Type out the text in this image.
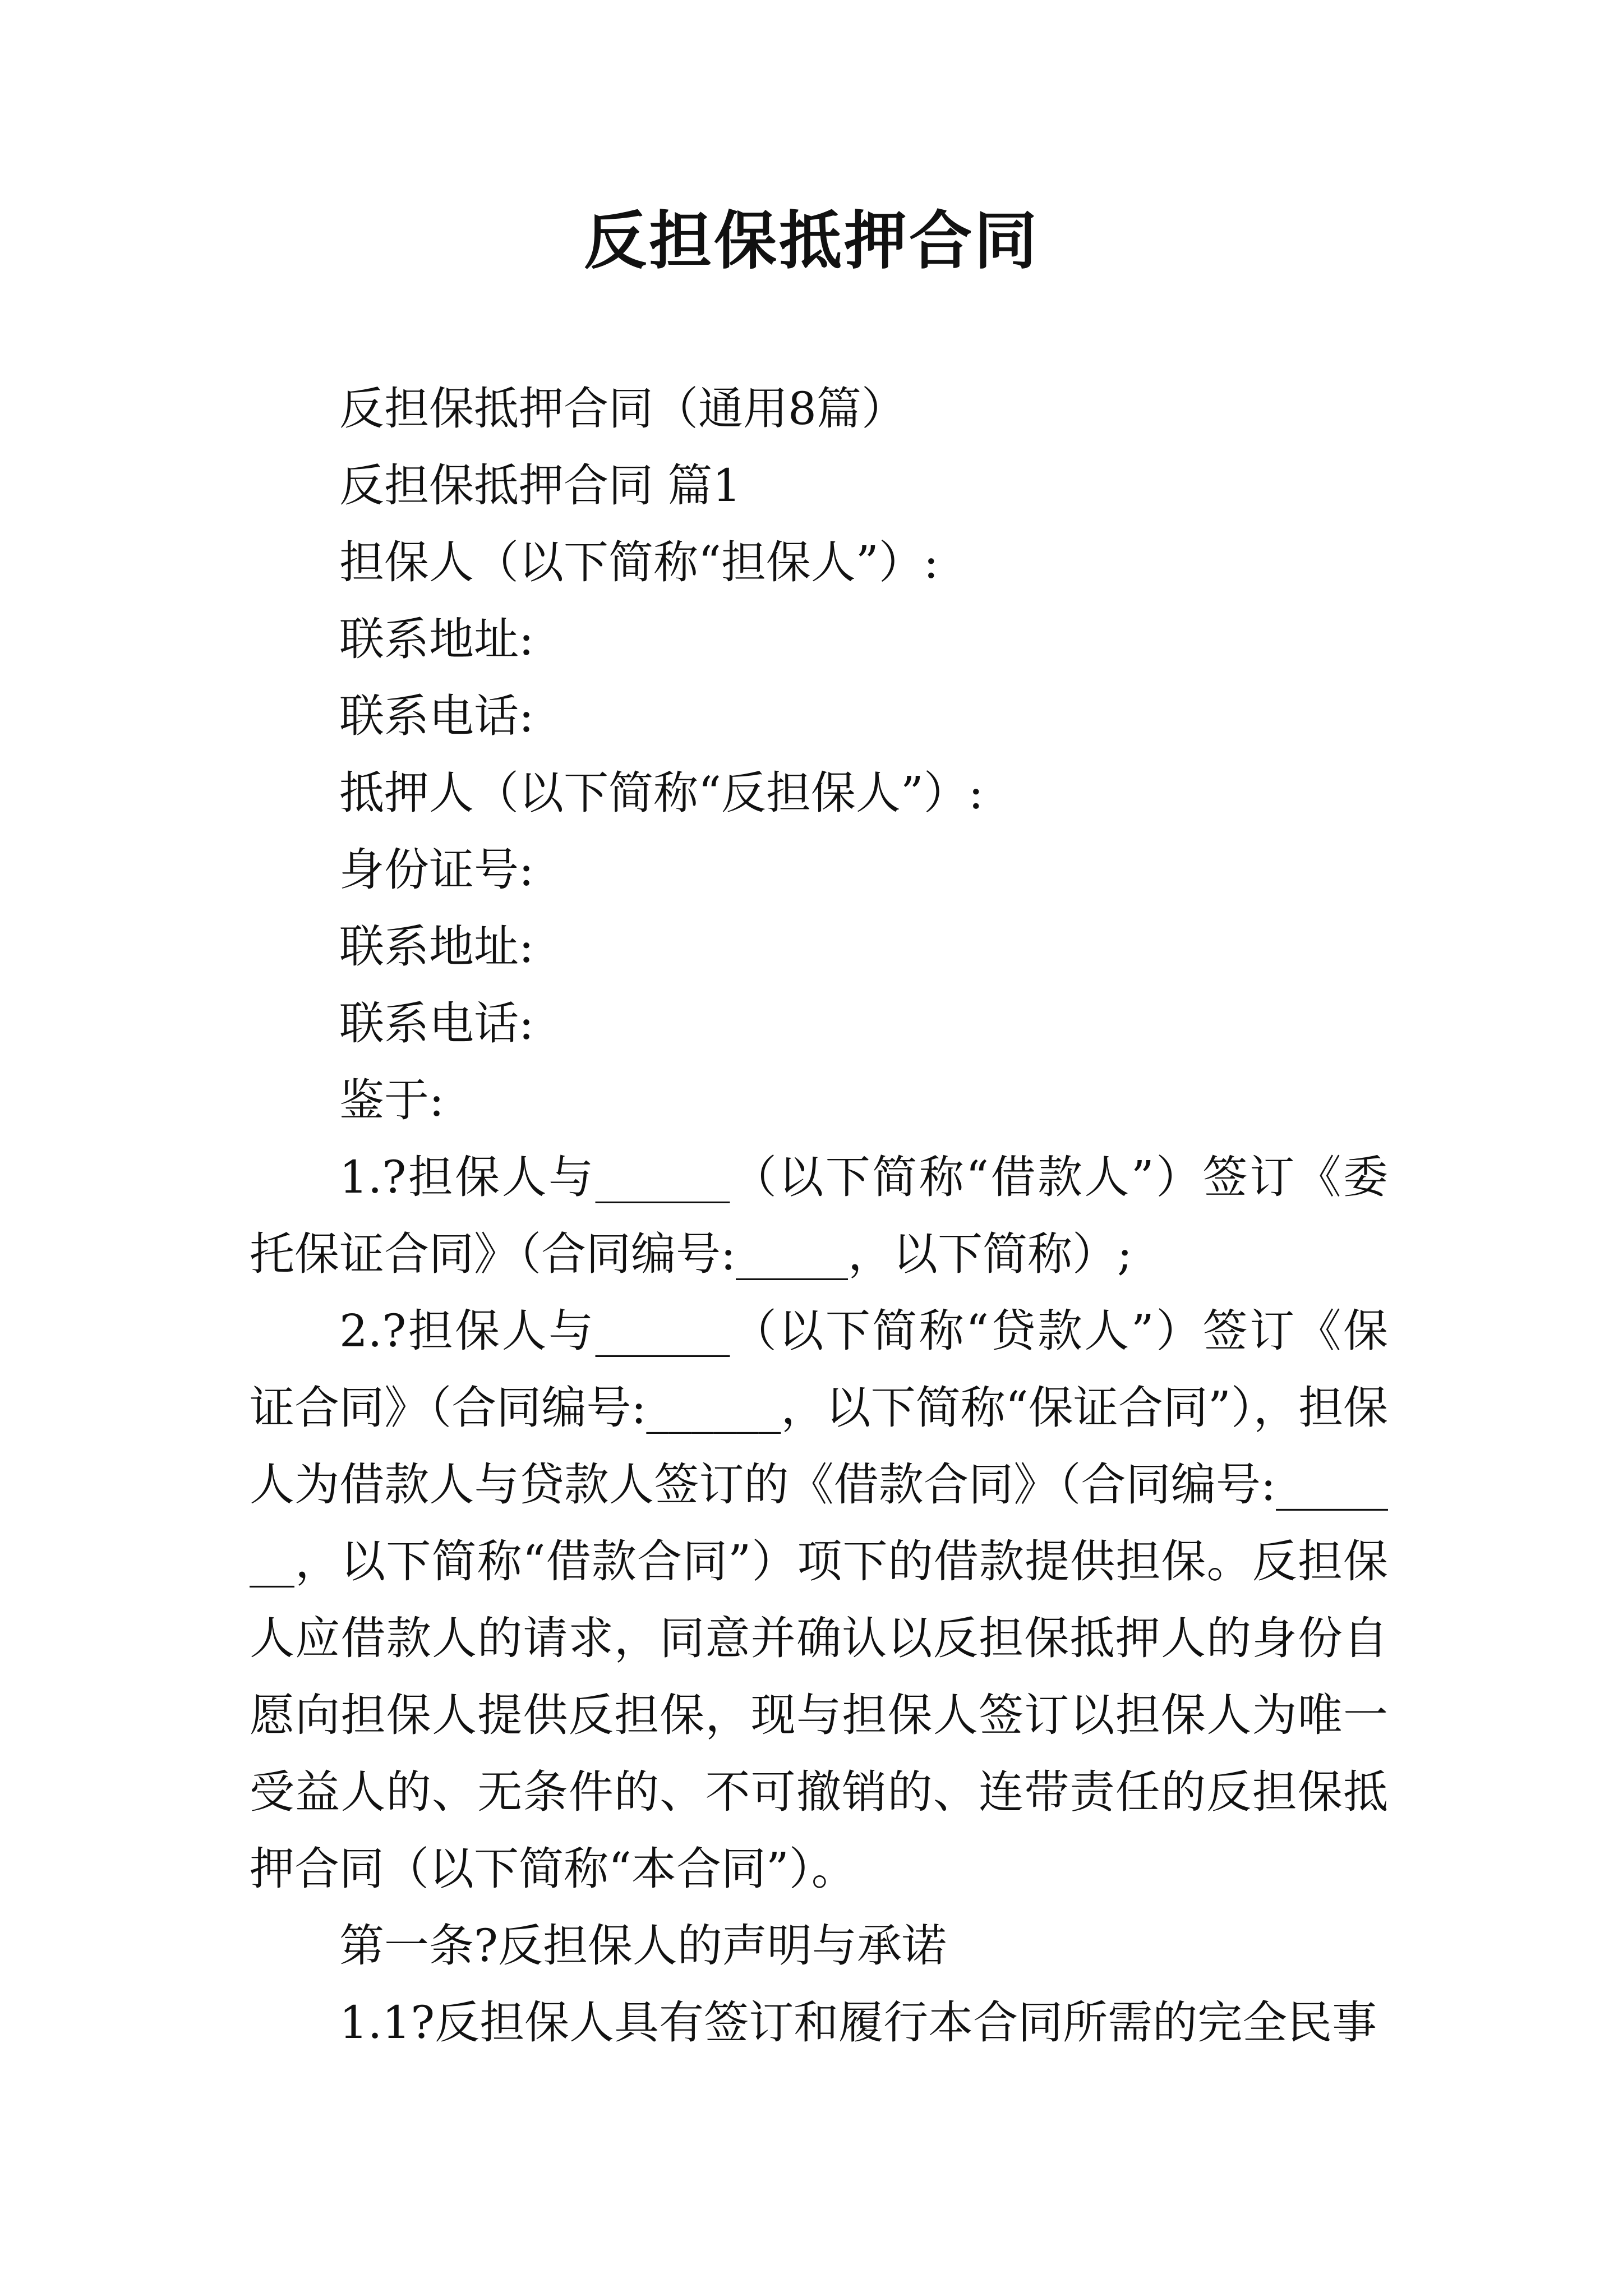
反担保抵押合同

反担保抵押合同（通用8篇）

反担保抵押合同 篇1

担保人（以下简称“担保人”）:

联系地址:

联系电话:

抵押人（以下简称“反担保人”）:

身份证号:

联系地址:

联系电话:

鉴于:

1.?担保人与______（以下简称“借款人”）签订《委托保证合同》（合同编号:_____，以下简称）;

2.?担保人与______（以下简称“贷款人”）签订《保证合同》（合同编号:______，以下简称“保证合同”），担保人为借款人与贷款人签订的《借款合同》（合同编号:_______，以下简称“借款合同”）项下的借款提供担保。反担保人应借款人的请求，同意并确认以反担保抵押人的身份自愿向担保人提供反担保，现与担保人签订以担保人为唯一受益人的、无条件的、不可撤销的、连带责任的反担保抵押合同（以下简称“本合同”）。

第一条?反担保人的声明与承诺

1.1?反担保人具有签订和履行本合同所需的完全民事
